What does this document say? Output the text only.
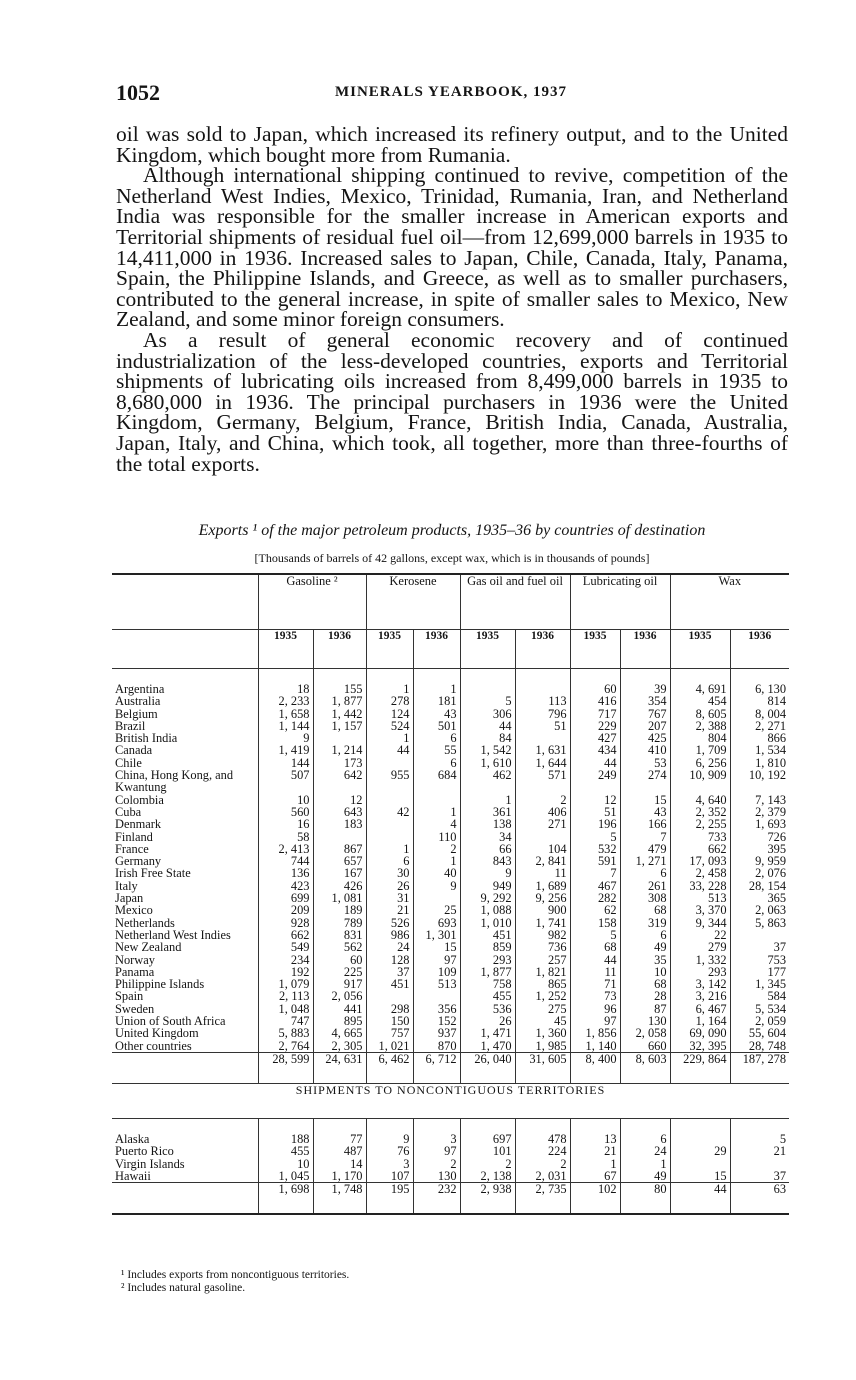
1052	MINERALS YEARBOOK, 1937

oil was sold to Japan, which increased its refinery output, and to the United Kingdom, which bought more from Rumania.

Although international shipping continued to revive, competition of the Netherland West Indies, Mexico, Trinidad, Rumania, Iran, and Netherland India was responsible for the smaller increase in American exports and Territorial shipments of residual fuel oil—from 12,699,000 barrels in 1935 to 14,411,000 in 1936. Increased sales to Japan, Chile, Canada, Italy, Panama, Spain, the Philippine Islands, and Greece, as well as to smaller purchasers, contributed to the general increase, in spite of smaller sales to Mexico, New Zealand, and some minor foreign consumers.

As a result of general economic recovery and of continued industrialization of the less-developed countries, exports and Territorial shipments of lubricating oils increased from 8,499,000 barrels in 1935 to 8,680,000 in 1936. The principal purchasers in 1936 were the United Kingdom, Germany, Belgium, France, British India, Canada, Australia, Japan, Italy, and China, which took, all together, more than three-fourths of the total exports.

Exports ¹ of the major petroleum products, 1935–36 by countries of destination
[Thousands of barrels of 42 gallons, except wax, which is in thousands of pounds]
	Gasoline ²		Kerosene		Gas oil and fuel oil		Lubricating oil		Wax	
	1935	1936	1935	1936	1935	1936	1935	1936	1935	1936

Argentina	18	155	1	1			60	39	4, 691	6, 130
Australia	2, 233	1, 877	278	181	5	113	416	354	454	814
Belgium	1, 658	1, 442	124	43	306	796	717	767	8, 605	8, 004
Brazil	1, 144	1, 157	524	501	44	51	229	207	2, 388	2, 271
British India	9		1	6	84		427	425	804	866
Canada	1, 419	1, 214	44	55	1, 542	1, 631	434	410	1, 709	1, 534
Chile	144	173		6	1, 610	1, 644	44	53	6, 256	1, 810
China, Hong Kong, and Kwantung	507	642	955	684	462	571	249	274	10, 909	10, 192
Colombia	10	12			1	2	12	15	4, 640	7, 143
Cuba	560	643	42	1	361	406	51	43	2, 352	2, 379
Denmark	16	183		4	138	271	196	166	2, 255	1, 693
Finland	58			110	34		5	7	733	726
France	2, 413	867	1	2	66	104	532	479	662	395
Germany	744	657	6	1	843	2, 841	591	1, 271	17, 093	9, 959
Irish Free State	136	167	30	40	9	11	7	6	2, 458	2, 076
Italy	423	426	26	9	949	1, 689	467	261	33, 228	28, 154
Japan	699	1, 081	31		9, 292	9, 256	282	308	513	365
Mexico	209	189	21	25	1, 088	900	62	68	3, 370	2, 063
Netherlands	928	789	526	693	1, 010	1, 741	158	319	9, 344	5, 863
Netherland West Indies	662	831	986	1, 301	451	982	5	6	22	
New Zealand	549	562	24	15	859	736	68	49	279	37
Norway	234	60	128	97	293	257	44	35	1, 332	753
Panama	192	225	37	109	1, 877	1, 821	11	10	293	177
Philippine Islands	1, 079	917	451	513	758	865	71	68	3, 142	1, 345
Spain	2, 113	2, 056			455	1, 252	73	28	3, 216	584
Sweden	1, 048	441	298	356	536	275	96	87	6, 467	5, 534
Union of South Africa	747	895	150	152	26	45	97	130	1, 164	2, 059
United Kingdom	5, 883	4, 665	757	937	1, 471	1, 360	1, 856	2, 058	69, 090	55, 604
Other countries	2, 764	2, 305	1, 021	870	1, 470	1, 985	1, 140	660	32, 395	28, 748
	28, 599	24, 631	6, 462	6, 712	26, 040	31, 605	8, 400	8, 603	229, 864	187, 278
SHIPMENTS TO NONCONTIGUOUS TERRITORIES										

Alaska	188	77	9	3	697	478	13	6		5
Puerto Rico	455	487	76	97	101	224	21	24	29	21
Virgin Islands	10	14	3	2	2	2	1	1		
Hawaii	1, 045	1, 170	107	130	2, 138	2, 031	67	49	15	37
	1, 698	1, 748	195	232	2, 938	2, 735	102	80	44	63
¹ Includes exports from noncontiguous territories.
² Includes natural gasoline.
